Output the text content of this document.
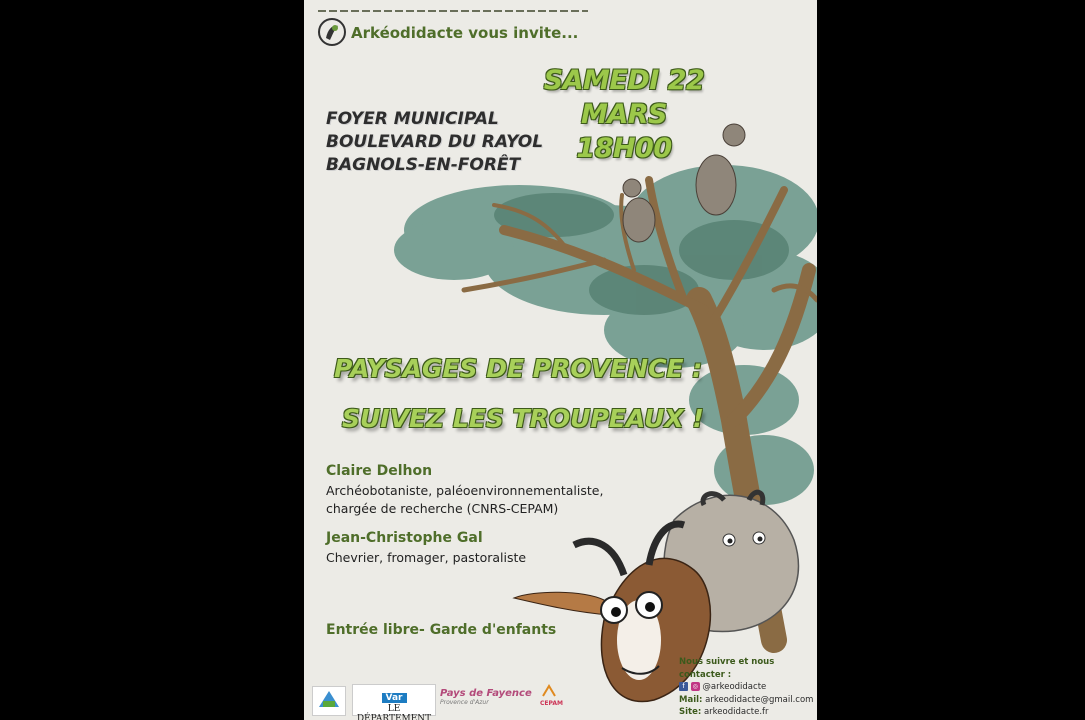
Arkéodidacte vous invite...
SAMEDI 22 MARS
18H00
FOYER MUNICIPAL
BOULEVARD DU RAYOL
BAGNOLS-EN-FORÊT
PAYSAGES DE PROVENCE :
SUIVEZ LES TROUPEAUX !
Claire Delhon
Archéobotaniste, paléoenvironnementaliste,
chargée de recherche (CNRS-CEPAM)
Jean-Christophe Gal
Chevrier, fromager, pastoraliste
Entrée libre- Garde d'enfants
Nous suivre et nous contacter :
f ◎ @arkeodidacte
Mail: arkeodidacte@gmail.com
Site: arkeodidacte.fr
Var
LE DÉPARTEMENT
Pays de Fayence
Provence d'Azur	CEPAM
